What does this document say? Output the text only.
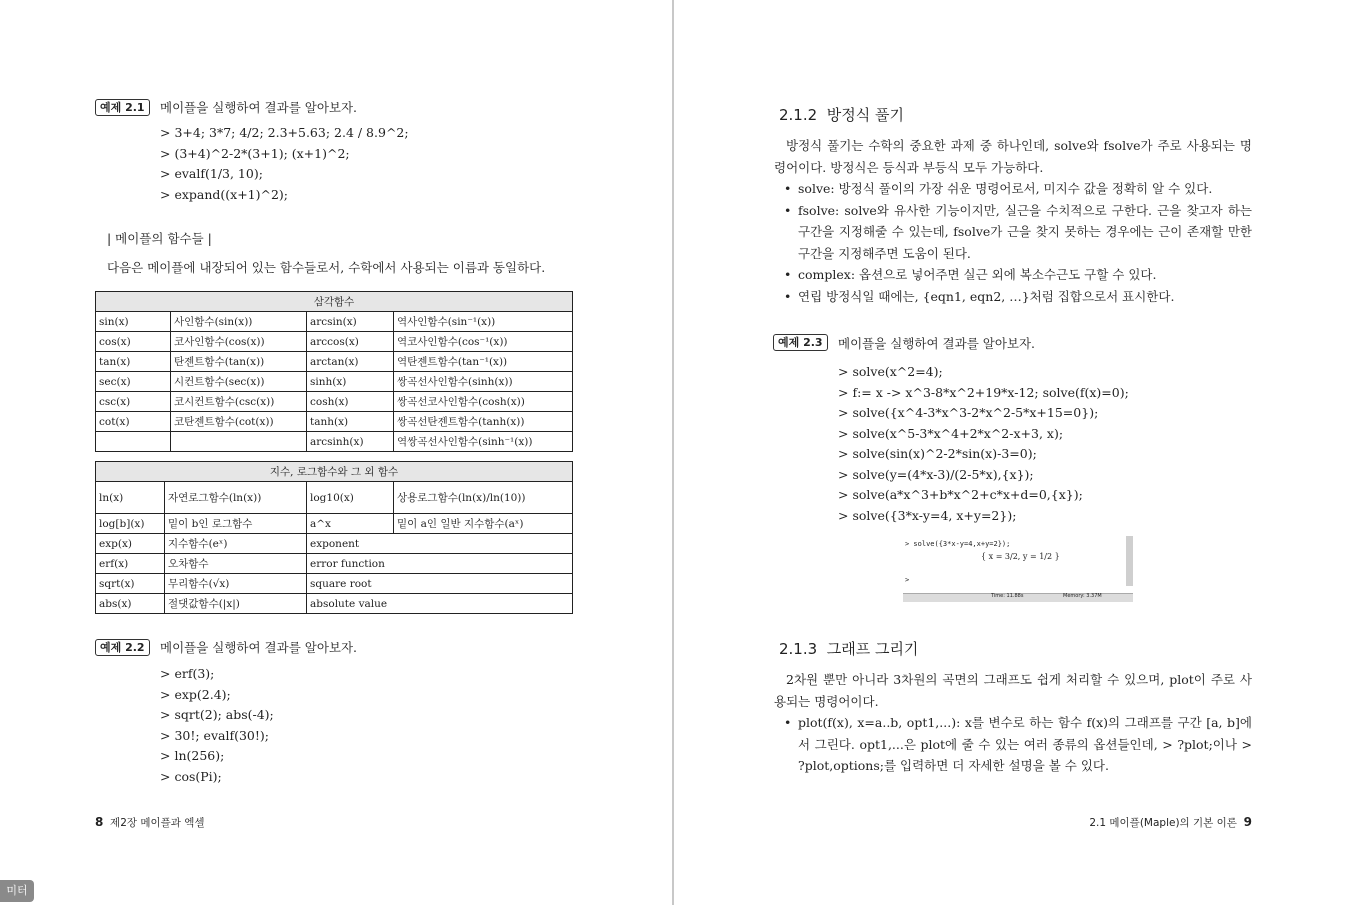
예제 2.1	메이플을 실행하여 결과를 알아보자.
> 3+4; 3*7; 4/2; 2.3+5.63; 2.4 / 8.9^2;
> (3+4)^2-2*(3+1); (x+1)^2;
> evalf(1/3, 10);
> expand((x+1)^2);
| 메이플의 함수들 |
다음은 메이플에 내장되어 있는 함수들로서, 수학에서 사용되는 이름과 동일하다.
삼각함수			
sin(x)	사인함수(sin(x))	arcsin(x)	역사인함수(sin⁻¹(x))
cos(x)	코사인함수(cos(x))	arccos(x)	역코사인함수(cos⁻¹(x))
tan(x)	탄젠트함수(tan(x))	arctan(x)	역탄젠트함수(tan⁻¹(x))
sec(x)	시컨트함수(sec(x))	sinh(x)	쌍곡선사인함수(sinh(x))
csc(x)	코시컨트함수(csc(x))	cosh(x)	쌍곡선코사인함수(cosh(x))
cot(x)	코탄젠트함수(cot(x))	tanh(x)	쌍곡선탄젠트함수(tanh(x))
		arcsinh(x)	역쌍곡선사인함수(sinh⁻¹(x))
지수, 로그함수와 그 외 함수			
ln(x)	자연로그함수(ln(x))	log10(x)	상용로그함수(ln(x)/ln(10))
log[b](x)	밑이 b인 로그함수	a^x	밑이 a인 일반 지수함수(aˣ)
exp(x)	지수함수(eˣ)	exponent	
erf(x)	오차함수	error function	
sqrt(x)	무리함수(√x)	square root	
abs(x)	절댓값함수(|x|)	absolute value	
예제 2.2	메이플을 실행하여 결과를 알아보자.
> erf(3);
> exp(2.4);
> sqrt(2); abs(-4);
> 30!; evalf(30!);
> ln(256);
> cos(Pi);
8 제2장 메이플과 엑셀
2.1.2 방정식 풀기
방정식 풀기는 수학의 중요한 과제 중 하나인데, solve와 fsolve가 주로 사용되는 명령어이다. 방정식은 등식과 부등식 모두 가능하다.
• solve: 방정식 풀이의 가장 쉬운 명령어로서, 미지수 값을 정확히 알 수 있다.
• fsolve: solve와 유사한 기능이지만, 실근을 수치적으로 구한다. 근을 찾고자 하는 구간을 지정해줄 수 있는데, fsolve가 근을 찾지 못하는 경우에는 근이 존재할 만한 구간을 지정해주면 도움이 된다.
• complex: 옵션으로 넣어주면 실근 외에 복소수근도 구할 수 있다.
• 연립 방정식일 때에는, {eqn1, eqn2, …}처럼 집합으로서 표시한다.
예제 2.3	메이플을 실행하여 결과를 알아보자.
> solve(x^2=4);
> f:= x -> x^3-8*x^2+19*x-12; solve(f(x)=0);
> solve({x^4-3*x^3-2*x^2-5*x+15=0});
> solve(x^5-3*x^4+2*x^2-x+3, x);
> solve(sin(x)^2-2*sin(x)-3=0);
> solve(y=(4*x-3)/(2-5*x),{x});
> solve(a*x^3+b*x^2+c*x+d=0,{x});
> solve({3*x-y=4, x+y=2});
> solve({3*x-y=4,x+y=2});
{ x = 3/2, y = 1/2 }
>
Time: 11.88s	Memory: 3.37M
2.1.3 그래프 그리기
2차원 뿐만 아니라 3차원의 곡면의 그래프도 쉽게 처리할 수 있으며, plot이 주로 사용되는 명령어이다.
• plot(f(x), x=a..b, opt1,...): x를 변수로 하는 함수 f(x)의 그래프를 구간 [a, b]에서 그린다. opt1,...은 plot에 줄 수 있는 여러 종류의 옵션들인데, > ?plot;이나 > ?plot,options;를 입력하면 더 자세한 설명을 볼 수 있다.
2.1 메이플(Maple)의 기본 이론 9
미터
